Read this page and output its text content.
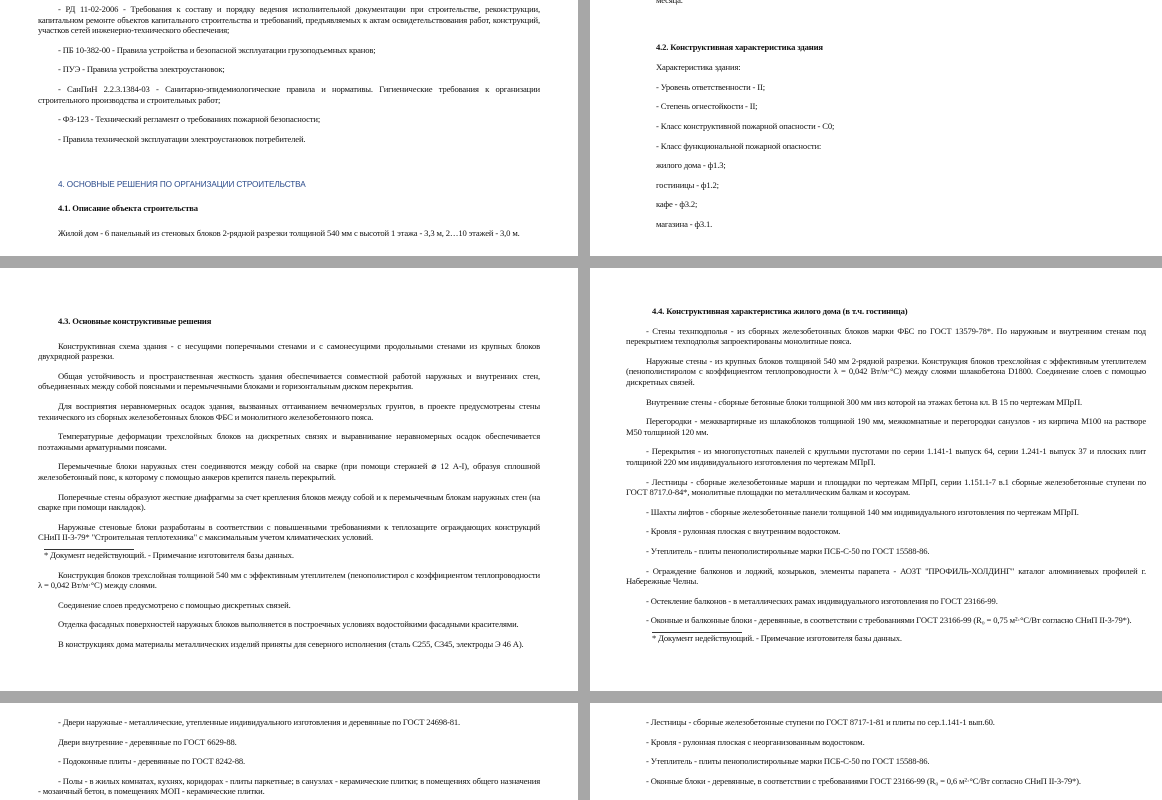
- РД 11-02-2006 - Требования к составу и порядку ведения исполнительной документации при строительстве, реконструкции, капитальном ремонте объектов капитального строительства и требований, предъявляемых к актам освидетельствования работ, конструкций, участков сетей инженерно-технического обеспечения;

- ПБ 10-382-00 - Правила устройства и безопасной эксплуатации грузоподъемных кранов;

- ПУЭ - Правила устройства электроустановок;

- СанПиН 2.2.3.1384-03 - Санитарно-эпидемиологические правила и нормативы. Гигиенические требования к организации строительного производства и строительных работ;

- ФЗ-123 - Технический регламент о требованиях пожарной безопасности;

- Правила технической эксплуатации электроустановок потребителей.

4. ОСНОВНЫЕ РЕШЕНИЯ ПО ОРГАНИЗАЦИИ СТРОИТЕЛЬСТВА

4.1. Описание объекта строительства

Жилой дом - 6 панельный из стеновых блоков 2-рядной разрезки толщиной 540 мм с высотой 1 этажа - 3,3 м, 2…10 этажей - 3,0 м.

месяца.

4.2. Конструктивная характеристика здания

Характеристика здания:

- Уровень ответственности - II;

- Степень огнестойкости - II;

- Класс конструктивной пожарной опасности - С0;

- Класс функциональной пожарной опасности:

жилого дома - ф1.3;

гостиницы - ф1.2;

кафе - ф3.2;

магазина - ф3.1.

4.3. Основные конструктивные решения

Конструктивная схема здания - с несущими поперечными стенами и с самонесущими продольными стенами из крупных блоков двухрядной разрезки.

Общая устойчивость и пространственная жесткость здания обеспечивается совместной работой наружных и внутренних стен, объединенных между собой поясными и перемычечными блоками и горизонтальным диском перекрытия.

Для восприятия неравномерных осадок здания, вызванных оттаиванием вечномерзлых грунтов, в проекте предусмотрены стены технического из сборных железобетонных блоков ФБС и монолитного железобетонного пояса.

Температурные деформации трехслойных блоков на дискретных связях и выравнивание неравномерных осадок обеспечивается поэтажными арматурными поясами.

Перемычечные блоки наружных стен соединяются между собой на сварке (при помощи стержней ⌀ 12 А-I), образуя сплошной железобетонный пояс, к которому с помощью анкеров крепится панель перекрытий.

Поперечные стены образуют жесткие диафрагмы за счет крепления блоков между собой и к перемычечным блокам наружных стен (на сварке при помощи накладок).

Наружные стеновые блоки разработаны в соответствии с повышенными требованиями к теплозащите ограждающих конструкций СНиП II-3-79* "Строительная теплотехника" с максимальным учетом климатических условий.

* Документ недействующий. - Примечание изготовителя базы данных.

Конструкция блоков трехслойная толщиной 540 мм с эффективным утеплителем (пенополистирол с коэффициентом теплопроводности λ = 0,042 Вт/м·°С) между слоями.

Соединение слоев предусмотрено с помощью дискретных связей.

Отделка фасадных поверхностей наружных блоков выполняется в построечных условиях водостойкими фасадными красителями.

В конструкциях дома материалы металлических изделий приняты для северного исполнения (сталь С255, С345, электроды Э 46 А).

4.4. Конструктивная характеристика жилого дома (в т.ч. гостиница)

- Стены технподполья - из сборных железобетонных блоков марки ФБС по ГОСТ 13579-78*. По наружным и внутренним стенам под перекрытием техподполья запроектированы монолитные пояса.

Наружные стены - из крупных блоков толщиной 540 мм 2-рядной разрезки. Конструкция блоков трехслойная с эффективным утеплителем (пенополистиролом с коэффициентом теплопроводности λ = 0,042 Вт/м·°С) между слоями шлакобетона D1800. Соединение слоев с помощью дискретных связей.

Внутренние стены - сборные бетонные блоки толщиной 300 мм низ которой на этажах бетона кл. В 15 по чертежам МПрП.

Перегородки - межквартирные из шлакоблоков толщиной 190 мм, межкомнатные и перегородки санузлов - из кирпича М100 на растворе М50 толщиной 120 мм.

- Перекрытия - из многопустотных панелей с круглыми пустотами по серии 1.141-1 выпуск 64, серии 1.241-1 выпуск 37 и плоских плит толщиной 220 мм индивидуального изготовления по чертежам МПрП.

- Лестницы - сборные железобетонные марши и площадки по чертежам МПрП, серии 1.151.1-7 в.1 сборные железобетонные ступени по ГОСТ 8717.0-84*, монолитные площадки по металлическим балкам и косоурам.

- Шахты лифтов - сборные железобетонные панели толщиной 140 мм индивидуального изготовления по чертежам МПрП.

- Кровля - рулонная плоская с внутренним водостоком.

- Утеплитель - плиты пенополистирольные марки ПСБ-С-50 по ГОСТ 15588-86.

- Ограждение балконов и лоджий, козырьков, элементы парапета - АОЗТ "ПРОФИЛЬ-ХОЛДИНГ" каталог алюминиевых профилей г. Набережные Челны.

- Остекление балконов - в металлических рамах индивидуального изготовления по ГОСТ 23166-99.

- Оконные и балконные блоки - деревянные, в соответствии с требованиями ГОСТ 23166-99 (R₀ = 0,75 м²·°С/Вт согласно СНиП II-3-79*).

* Документ недействующий. - Примечание изготовителя базы данных.

- Двери наружные - металлические, утепленные индивидуального изготовления и деревянные по ГОСТ 24698-81.

Двери внутренние - деревянные по ГОСТ 6629-88.

- Подоконные плиты - деревянные по ГОСТ 8242-88.

- Полы - в жилых комнатах, кухнях, коридорах - плиты паркетные; в санузлах - керамические плитки; в помещениях общего назначения - мозаичный бетон, в помещениях МОП - керамические плитки.

- Лестницы - сборные железобетонные ступени по ГОСТ 8717-1-81 и плиты по сер.1.141-1 вып.60.

- Кровля - рулонная плоская с неорганизованным водостоком.

- Утеплитель - плиты пенополистирольные марки ПСБ-С-50 по ГОСТ 15588-86.

- Оконные блоки - деревянные, в соответствии с требованиями ГОСТ 23166-99 (R₀ = 0,6 м²·°С/Вт согласно СНиП II-3-79*).
